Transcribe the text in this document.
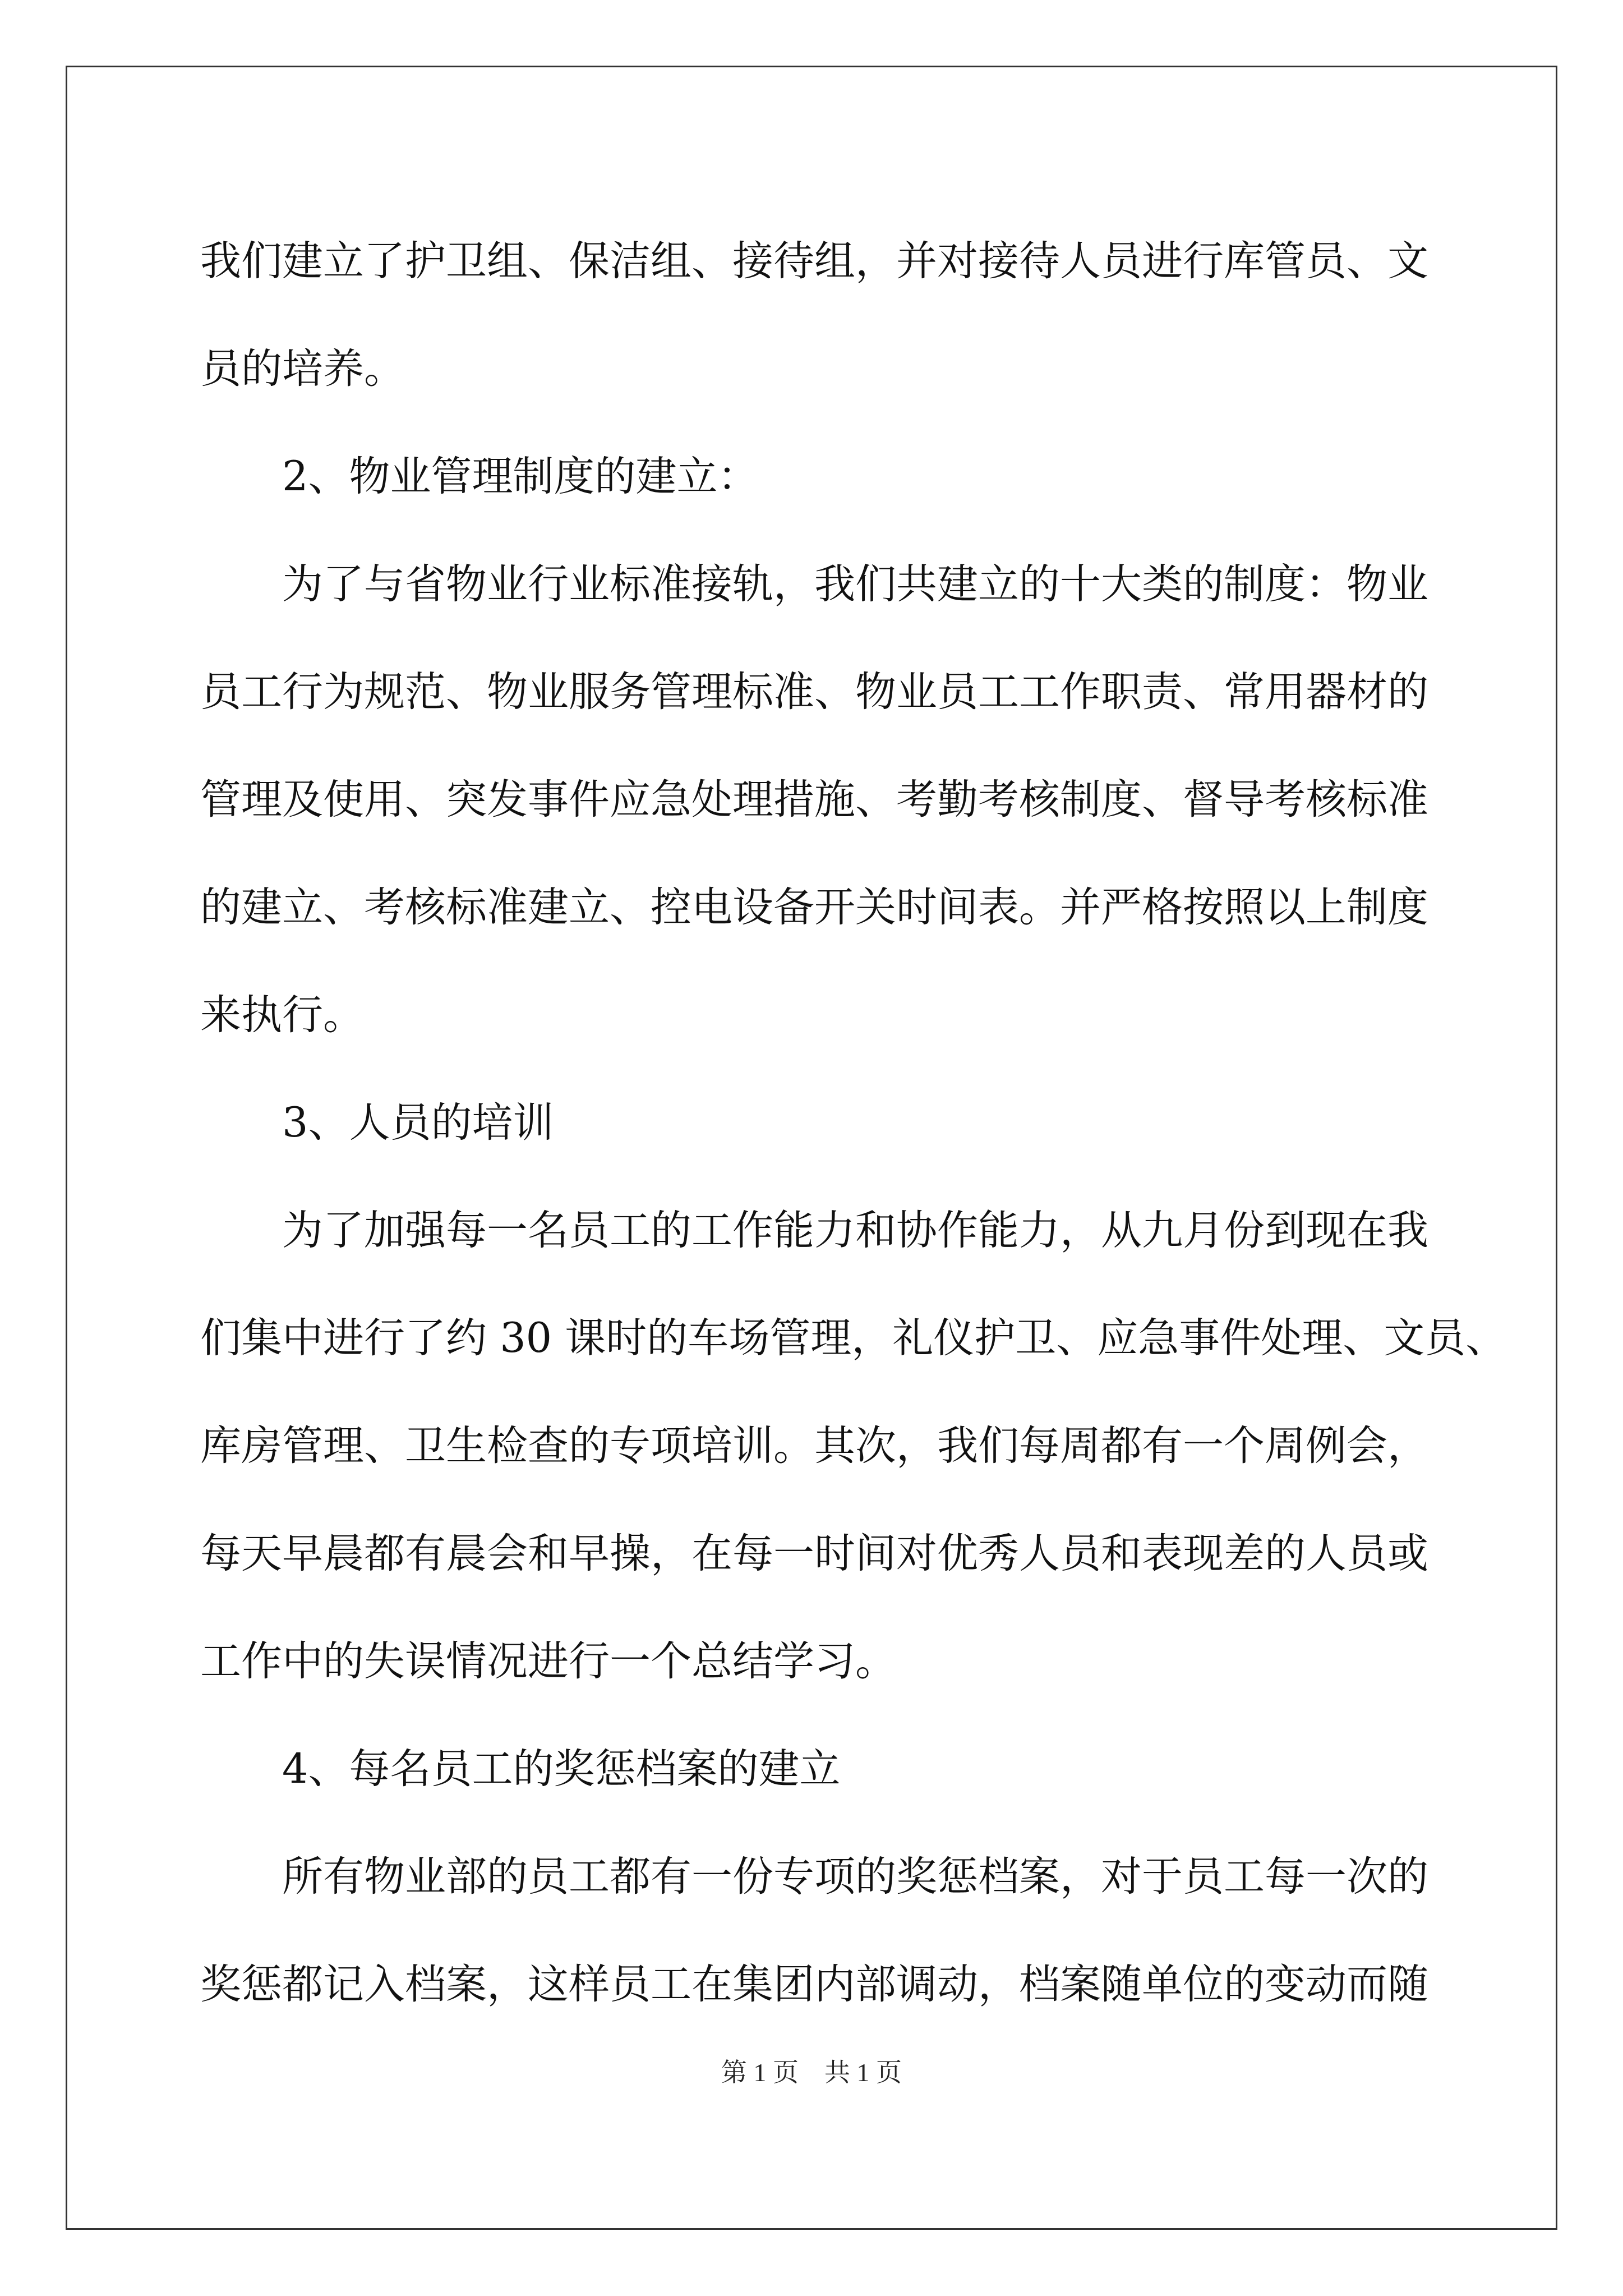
我们建立了护卫组、保洁组、接待组，并对接待人员进行库管员、文
员的培养。
2、物业管理制度的建立：
为了与省物业行业标准接轨，我们共建立的十大类的制度：物业
员工行为规范、物业服务管理标准、物业员工工作职责、常用器材的
管理及使用、突发事件应急处理措施、考勤考核制度、督导考核标准
的建立、考核标准建立、控电设备开关时间表。并严格按照以上制度
来执行。
3、人员的培训
为了加强每一名员工的工作能力和协作能力，从九月份到现在我
们集中进行了约 30 课时的车场管理，礼仪护卫、应急事件处理、文员、
库房管理、卫生检查的专项培训。其次，我们每周都有一个周例会，
每天早晨都有晨会和早操，在每一时间对优秀人员和表现差的人员或
工作中的失误情况进行一个总结学习。
4、每名员工的奖惩档案的建立
所有物业部的员工都有一份专项的奖惩档案，对于员工每一次的
奖惩都记入档案，这样员工在集团内部调动，档案随单位的变动而随
第 1 页    共 1 页
